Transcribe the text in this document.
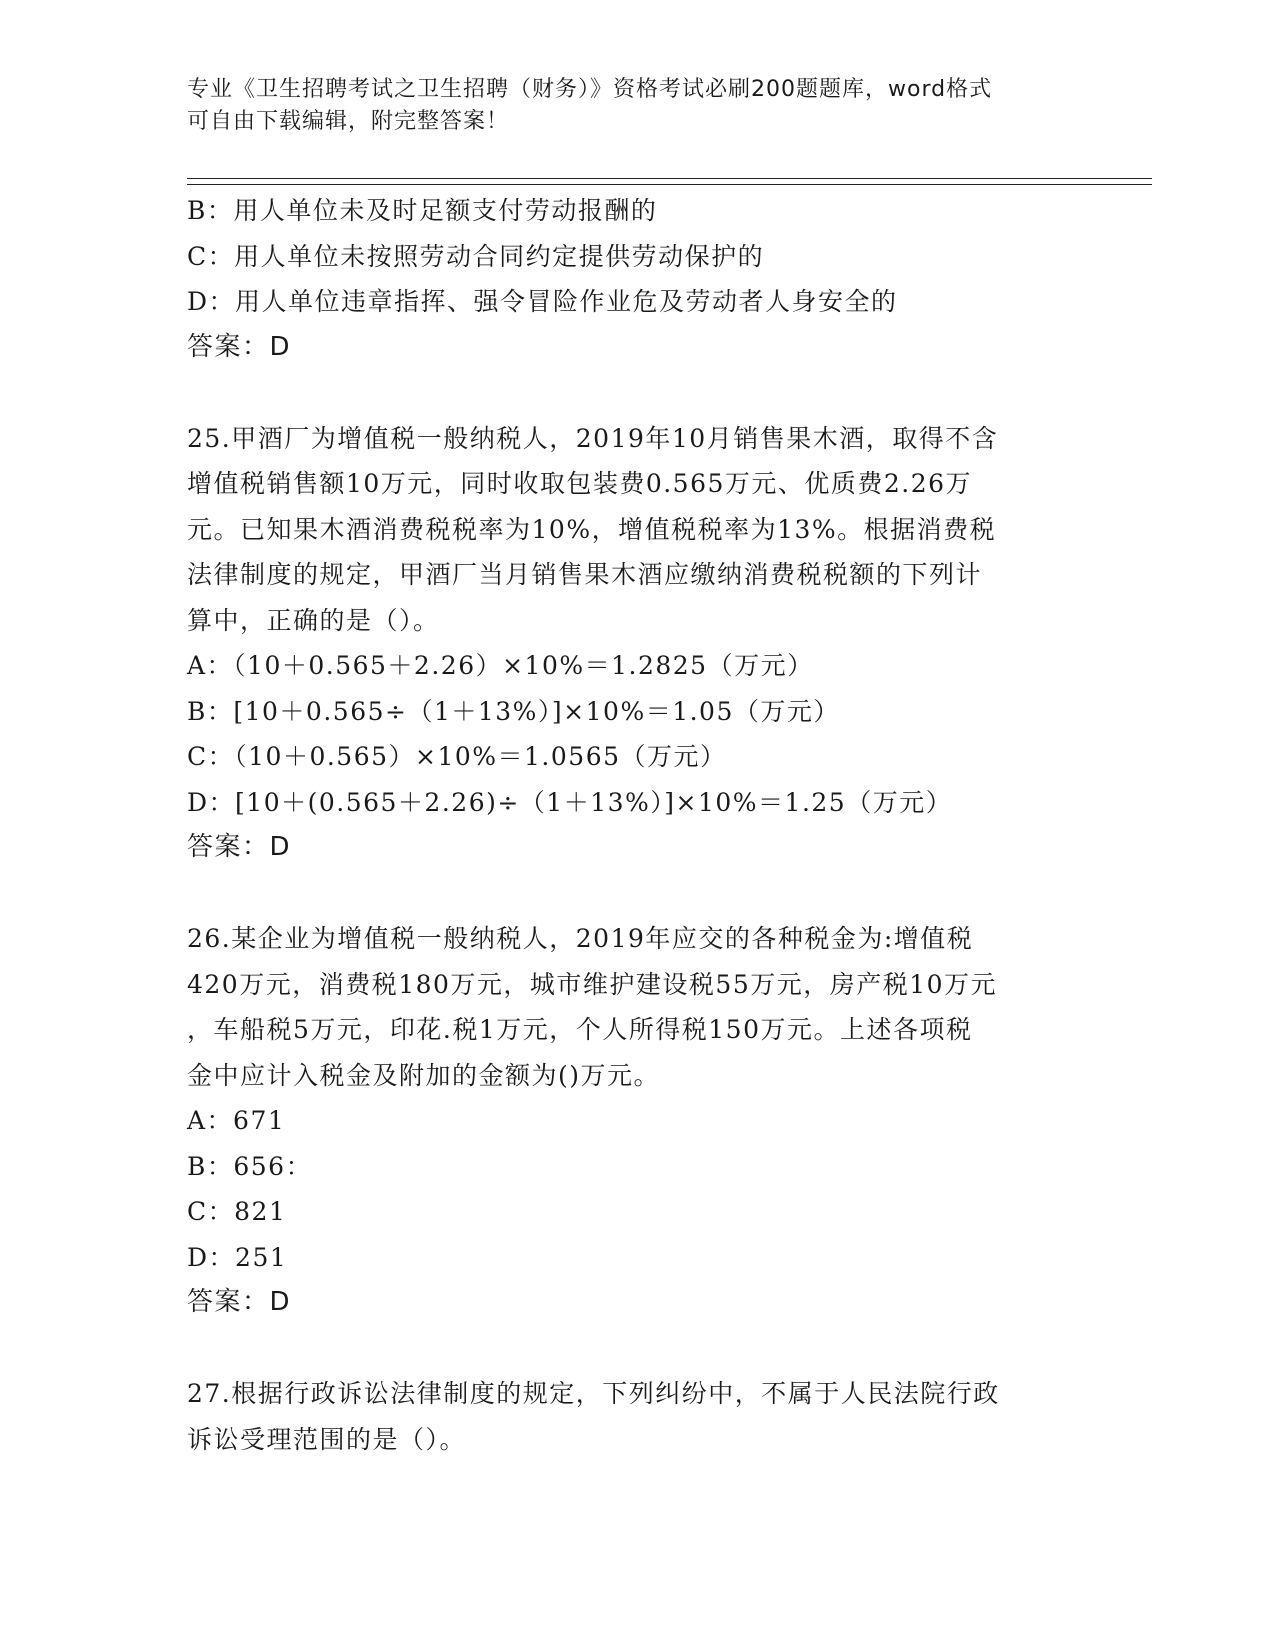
专业《卫生招聘考试之卫生招聘（财务）》资格考试必刷200题题库，word格式
可自由下载编辑，附完整答案！
B：用人单位未及时足额支付劳动报酬的
C：用人单位未按照劳动合同约定提供劳动保护的
D：用人单位违章指挥、强令冒险作业危及劳动者人身安全的
答案：D
25.甲酒厂为增值税一般纳税人，2019年10月销售果木酒，取得不含
增值税销售额10万元，同时收取包装费0.565万元、优质费2.26万
元。已知果木酒消费税税率为10%，增值税税率为13%。根据消费税
法律制度的规定，甲酒厂当月销售果木酒应缴纳消费税税额的下列计
算中，正确的是（）。
A：（10＋0.565＋2.26）×10%＝1.2825（万元）
B：[10＋0.565÷（1＋13%）]×10%＝1.05（万元）
C：（10＋0.565）×10%＝1.0565（万元）
D：[10＋(0.565＋2.26)÷（1＋13%）]×10%＝1.25（万元）
答案：D
26.某企业为增值税一般纳税人，2019年应交的各种税金为:增值税
420万元，消费税180万元，城市维护建设税55万元，房产税10万元
，车船税5万元，印花.税1万元，个人所得税150万元。上述各项税
金中应计入税金及附加的金额为()万元。
A：671
B：656：
C：821
D：251
答案：D
27.根据行政诉讼法律制度的规定，下列纠纷中，不属于人民法院行政
诉讼受理范围的是（）。
